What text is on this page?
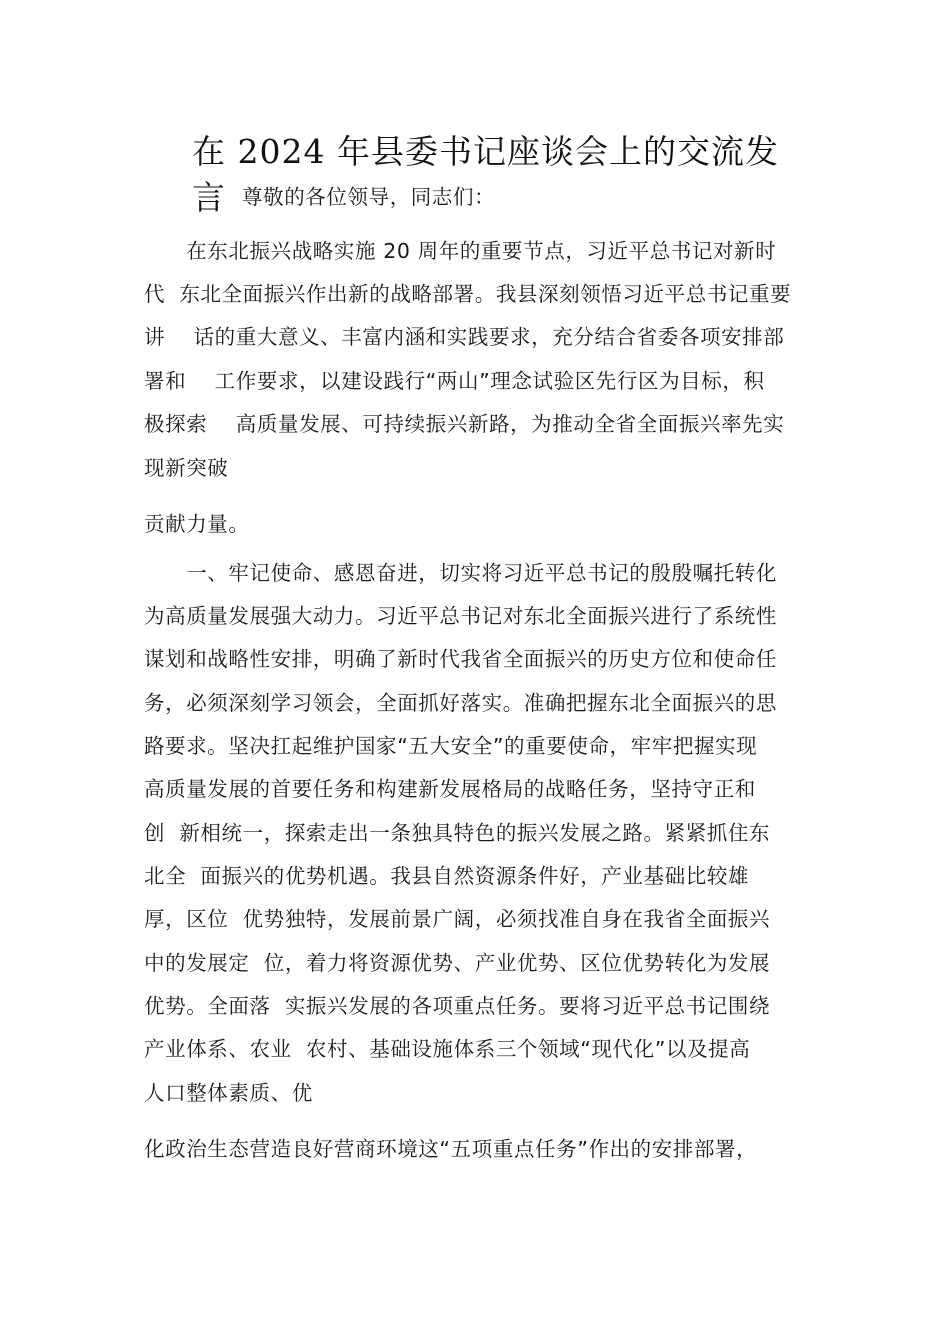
在 2024 年县委书记座谈会上的交流发
言 尊敬的各位领导，同志们：
　　在东北振兴战略实施 20 周年的重要节点，习近平总书记对新时
代  东北全面振兴作出新的战略部署。我县深刻领悟习近平总书记重要
讲    话的重大意义、丰富内涵和实践要求，充分结合省委各项安排部
署和    工作要求，以建设践行“两山”理念试验区先行区为目标，积
极探索    高质量发展、可持续振兴新路，为推动全省全面振兴率先实
现新突破
贡献力量。
　　一、牢记使命、感恩奋进，切实将习近平总书记的殷殷嘱托转化
为高质量发展强大动力。习近平总书记对东北全面振兴进行了系统性
谋划和战略性安排，明确了新时代我省全面振兴的历史方位和使命任
务，必须深刻学习领会，全面抓好落实。准确把握东北全面振兴的思
路要求。坚决扛起维护国家“五大安全”的重要使命，牢牢把握实现
高质量发展的首要任务和构建新发展格局的战略任务，坚持守正和
创  新相统一，探索走出一条独具特色的振兴发展之路。紧紧抓住东
北全  面振兴的优势机遇。我县自然资源条件好，产业基础比较雄
厚，区位  优势独特，发展前景广阔，必须找准自身在我省全面振兴
中的发展定  位，着力将资源优势、产业优势、区位优势转化为发展
优势。全面落  实振兴发展的各项重点任务。要将习近平总书记围绕
产业体系、农业  农村、基础设施体系三个领域“现代化”以及提高
人口整体素质、优
化政治生态营造良好营商环境这“五项重点任务”作出的安排部署，
